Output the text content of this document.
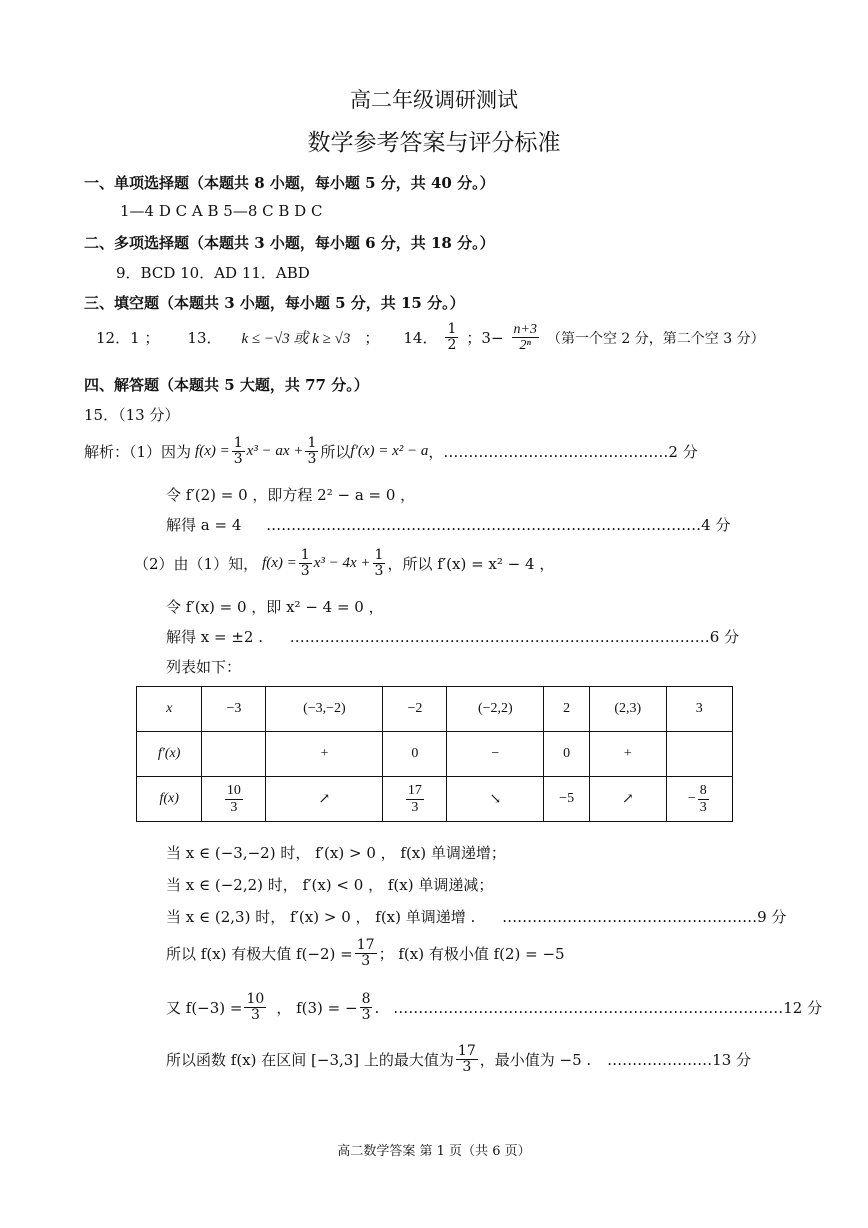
高二年级调研测试
数学参考答案与评分标准
一、单项选择题（本题共 8 小题，每小题 5 分，共 40 分。）
1—4 D C A B 5—8 C B D C
二、多项选择题（本题共 3 小题，每小题 6 分，共 18 分。）
9．BCD 10．AD 11．ABD
三、填空题（本题共 3 小题，每小题 5 分，共 15 分。）
12．1 ； 13． k ≤ −√3 或 k ≥ √3 ； 14． $\frac{1}{2}$ ；$3- \frac{n+3}{\text{2ⁿ}}$ （第一个空 2 分，第二个空 3 分）
四、解答题（本题共 5 大题，共 77 分。）
15．（13 分）
解析：（1）因为 $f(x) = \frac{1}{3} x^3$ − ax + $\frac{1}{3}$ 所以 f′(x) = x² − a ，………………………………………2 分
令 f′(2) = 0 ，即方程 2² − a = 0 ，
解得 a = 4 ……………………………………………………………………………4 分
（2）由（1）知， $f(x) = \frac{1}{3} x^3 - 4x + \frac{1}{3}$ ，所以 f′(x) = x² − 4 ，
令 f′(x) = 0 ，即 x² − 4 = 0 ，
解得 x = ±2 . …………………………………………………………………………6 分
列表如下：
x	−3	(−3,−2)	−2	(−2,2)	2	(2,3)	3
f′(x)		+	0	−	0	+	
f(x)	$\frac{10}{3}$	↗	$\frac{17}{3}$	↘	−5	↗	− $\frac{8}{3}$
当 x ∈ (−3,−2) 时， f′(x) > 0 ， f(x) 单调递增；
当 x ∈ (−2,2) 时， f′(x) < 0 ， f(x) 单调递减；
当 x ∈ (2,3) 时， f′(x) > 0 ， f(x) 单调递增 . ……………………………………………9 分
所以 f(x) 有极大值 $f(-2) = \frac{17}{3}$ ； f(x) 有极小值 f(2) = −5
又 $f(-3) = \frac{10}{3}$ ， f(3) = − $\frac{8}{3}$ . ……………………………………………………………………12 分
所以函数 f(x) 在区间 [−3,3] 上的最大值为 $\frac{17}{3}$ ，最小值为 −5 . …………………13 分
高二数学答案 第 1 页（共 6 页）
